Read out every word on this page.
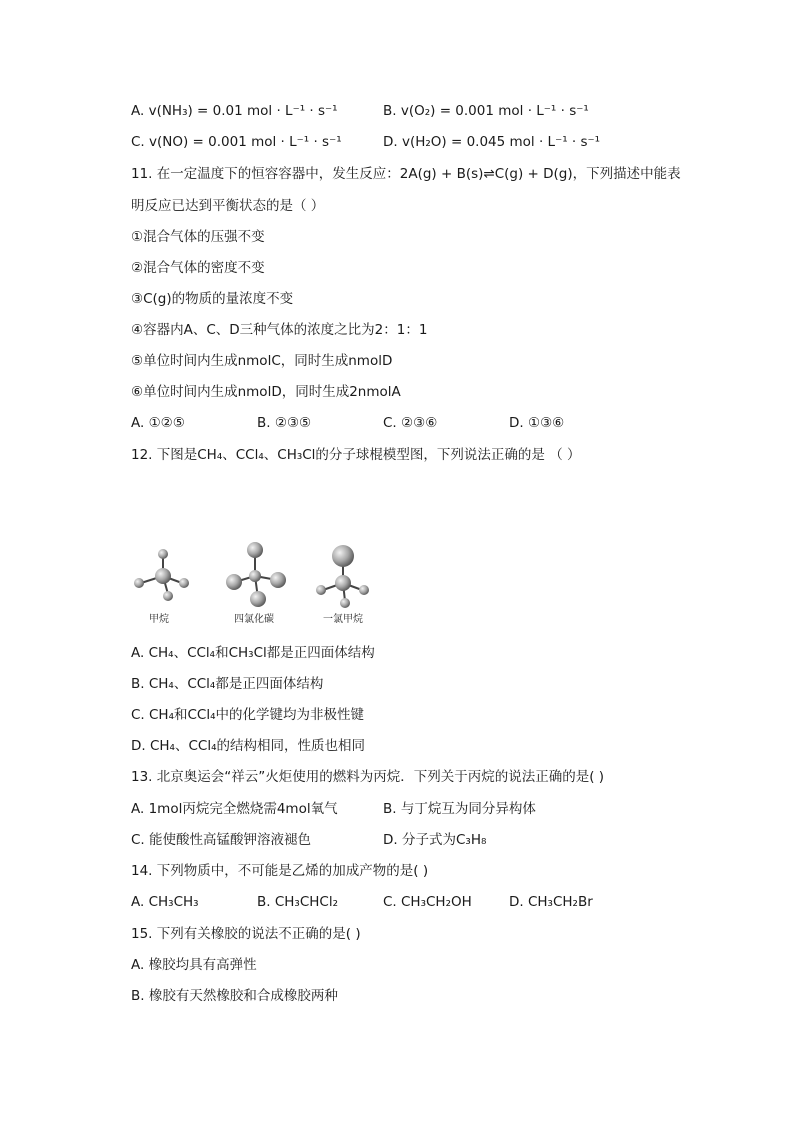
A. v(NH₃) = 0.01 mol · L⁻¹ · s⁻¹	B. v(O₂) = 0.001 mol · L⁻¹ · s⁻¹
C. v(NO) = 0.001 mol · L⁻¹ · s⁻¹	D. v(H₂O) = 0.045 mol · L⁻¹ · s⁻¹
11. 在一定温度下的恒容容器中，发生反应：2A(g) + B(s)⇌C(g) + D(g)，下列描述中能表
明反应已达到平衡状态的是（ ）
①混合气体的压强不变
②混合气体的密度不变
③C(g)的物质的量浓度不变
④容器内A、C、D三种气体的浓度之比为2：1：1
⑤单位时间内生成nmolC，同时生成nmolD
⑥单位时间内生成nmolD，同时生成2nmolA
A. ①②⑤	B. ②③⑤	C. ②③⑥	D. ①③⑥
12. 下图是CH₄、CCl₄、CH₃Cl的分子球棍模型图，下列说法正确的是 （ ）
甲烷	四氯化碳	一氯甲烷
A. CH₄、CCl₄和CH₃Cl都是正四面体结构
B. CH₄、CCl₄都是正四面体结构
C. CH₄和CCl₄中的化学键均为非极性键
D. CH₄、CCl₄的结构相同，性质也相同
13. 北京奥运会“祥云”火炬使用的燃料为丙烷．下列关于丙烷的说法正确的是( )
A. 1mol丙烷完全燃烧需4mol氧气	B. 与丁烷互为同分异构体
C. 能使酸性高锰酸钾溶液褪色	D. 分子式为C₃H₈
14. 下列物质中，不可能是乙烯的加成产物的是( )
A. CH₃CH₃	B. CH₃CHCl₂	C. CH₃CH₂OH	D. CH₃CH₂Br
15. 下列有关橡胶的说法不正确的是( )
A. 橡胶均具有高弹性
B. 橡胶有天然橡胶和合成橡胶两种
